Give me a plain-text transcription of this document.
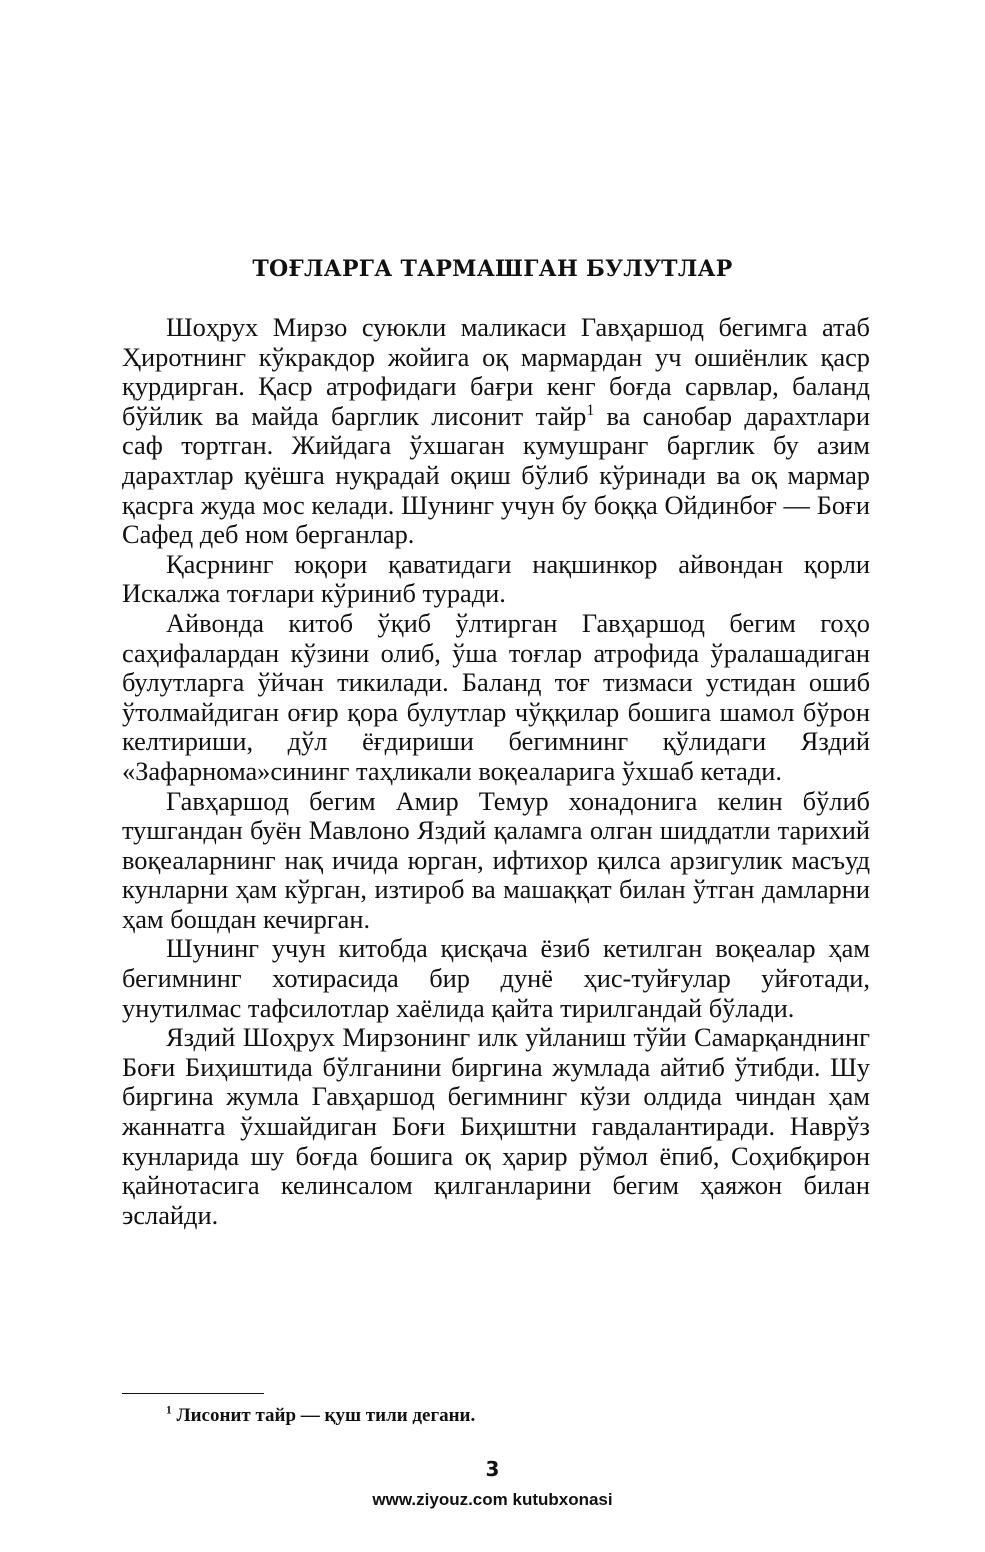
ТОҒЛАРГА ТАРМАШГАН БУЛУТЛАР

Шоҳрух Мирзо суюкли маликаси Гавҳаршод бегимга атаб Ҳиротнинг кўкракдор жойига оқ мармардан уч ошиёнлик қаср қурдирган. Қаср атрофидаги бағри кенг боғда сарвлар, баланд бўйлик ва майда барглик лисонит тайр$^1$ ва санобар дарахтлари саф тортган. Жийдага ўхшаган кумушранг барглик бу азим дарахтлар қуёшга нуқрадай оқиш бўлиб кўринади ва оқ мармар қасрга жуда мос келади. Шунинг учун бу боққа Ойдинбоғ — Боғи Сафед деб ном берганлар.

Қасрнинг юқори қаватидаги нақшинкор айвондан қорли Искалжа тоғлари кўриниб туради.

Айвонда китоб ўқиб ўлтирган Гавҳаршод бегим гоҳо саҳифалардан кўзини олиб, ўша тоғлар атрофида ўралашадиган булутларга ўйчан тикилади. Баланд тоғ тизмаси устидан ошиб ўтолмайдиган оғир қора булутлар чўққилар бошига шамол бўрон келтириши, дўл ёғдириши бегимнинг қўлидаги Яздий «Зафарнома»сининг таҳликали воқеаларига ўхшаб кетади.

Гавҳаршод бегим Амир Темур хонадонига келин бўлиб тушгандан буён Мавлоно Яздий қаламга олган шиддатли тарихий воқеаларнинг нақ ичида юрган, ифтихор қилса арзигулик масъуд кунларни ҳам кўрган, изтироб ва машаққат билан ўтган дамларни ҳам бошдан кечирган.

Шунинг учун китобда қисқача ёзиб кетилган воқеалар ҳам бегимнинг хотирасида бир дунё ҳис-туйғулар уйғотади, унутилмас тафсилотлар хаёлида қайта тирилгандай бўлади.

Яздий Шоҳрух Мирзонинг илк уйланиш тўйи Самарқанднинг Боғи Биҳиштида бўлганини биргина жумлада айтиб ўтибди. Шу биргина жумла Гавҳаршод бегимнинг кўзи олдида чиндан ҳам жаннатга ўхшайдиган Боғи Биҳиштни гавдалантиради. Наврўз кунларида шу боғда бошига оқ ҳарир рўмол ёпиб, Соҳибқирон қайнотасига келинсалом қилганларини бегим ҳаяжон билан эслайди.

$^1$ Лисонит тайр — қуш тили дегани.
3
www.ziyouz.com kutubxonasi
